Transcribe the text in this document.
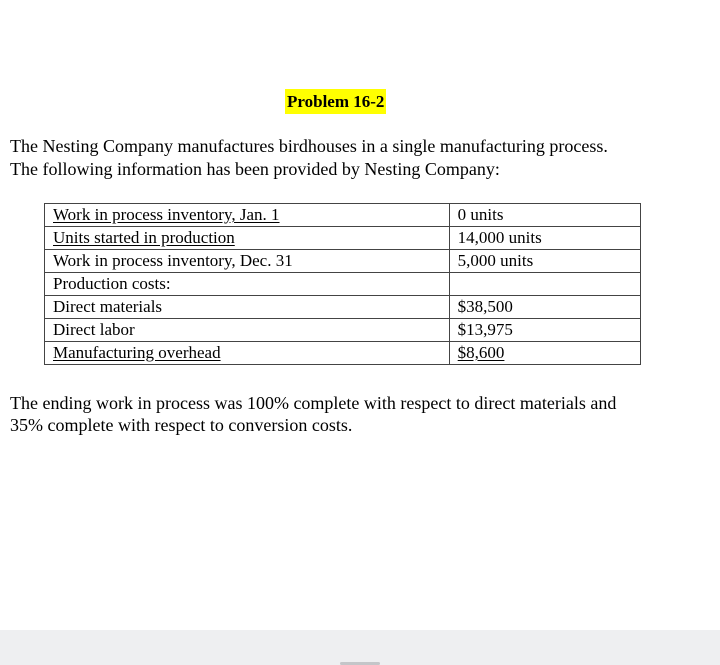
Problem 16-2

The Nesting Company manufactures birdhouses in a single manufacturing process.
The following information has been provided by Nesting Company:

Work in process inventory, Jan. 1	0 units
Units started in production	14,000 units
Work in process inventory, Dec. 31	5,000 units
Production costs:	
Direct materials	$38,500
Direct labor	$13,975
Manufacturing overhead	$8,600

The ending work in process was 100% complete with respect to direct materials and
35% complete with respect to conversion costs.
